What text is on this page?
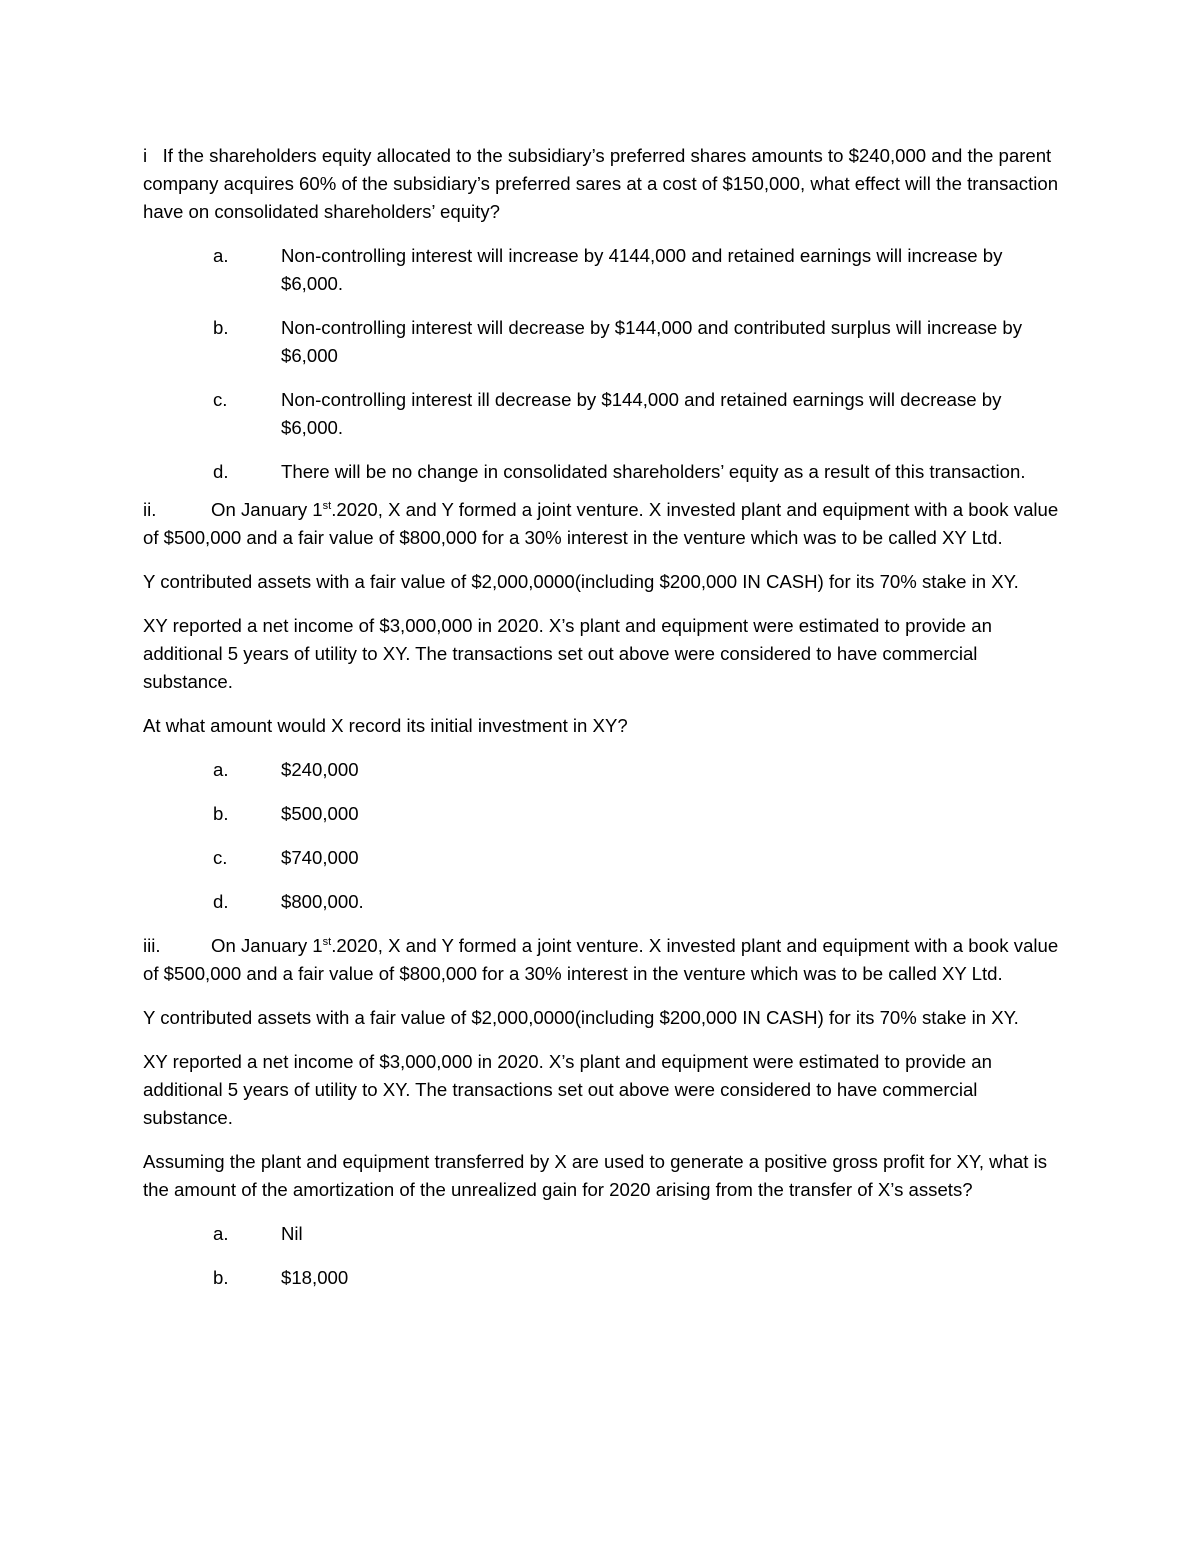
i If the shareholders equity allocated to the subsidiary’s preferred shares amounts to $240,000 and the parent company acquires 60% of the subsidiary’s preferred sares at a cost of $150,000, what effect will the transaction have on consolidated shareholders’ equity?

a.	Non-controlling interest will increase by 4144,000 and retained earnings will increase by $6,000.
b.	Non-controlling interest will decrease by $144,000 and contributed surplus will increase by $6,000
c.	Non-controlling interest ill decrease by $144,000 and retained earnings will decrease by $6,000.
d.	There will be no change in consolidated shareholders’ equity as a result of this transaction.

ii.	On January 1st.2020, X and Y formed a joint venture. X invested plant and equipment with a book value of $500,000 and a fair value of $800,000 for a 30% interest in the venture which was to be called XY Ltd.

Y contributed assets with a fair value of $2,000,0000(including $200,000 IN CASH) for its 70% stake in XY.

XY reported a net income of $3,000,000 in 2020. X’s plant and equipment were estimated to provide an additional 5 years of utility to XY. The transactions set out above were considered to have commercial substance.

At what amount would X record its initial investment in XY?

a.	$240,000
b.	$500,000
c.	$740,000
d.	$800,000.

iii.	On January 1st.2020, X and Y formed a joint venture. X invested plant and equipment with a book value of $500,000 and a fair value of $800,000 for a 30% interest in the venture which was to be called XY Ltd.

Y contributed assets with a fair value of $2,000,0000(including $200,000 IN CASH) for its 70% stake in XY.

XY reported a net income of $3,000,000 in 2020. X’s plant and equipment were estimated to provide an additional 5 years of utility to XY. The transactions set out above were considered to have commercial substance.

Assuming the plant and equipment transferred by X are used to generate a positive gross profit for XY, what is the amount of the amortization of the unrealized gain for 2020 arising from the transfer of X’s assets?

a.	Nil
b.	$18,000
